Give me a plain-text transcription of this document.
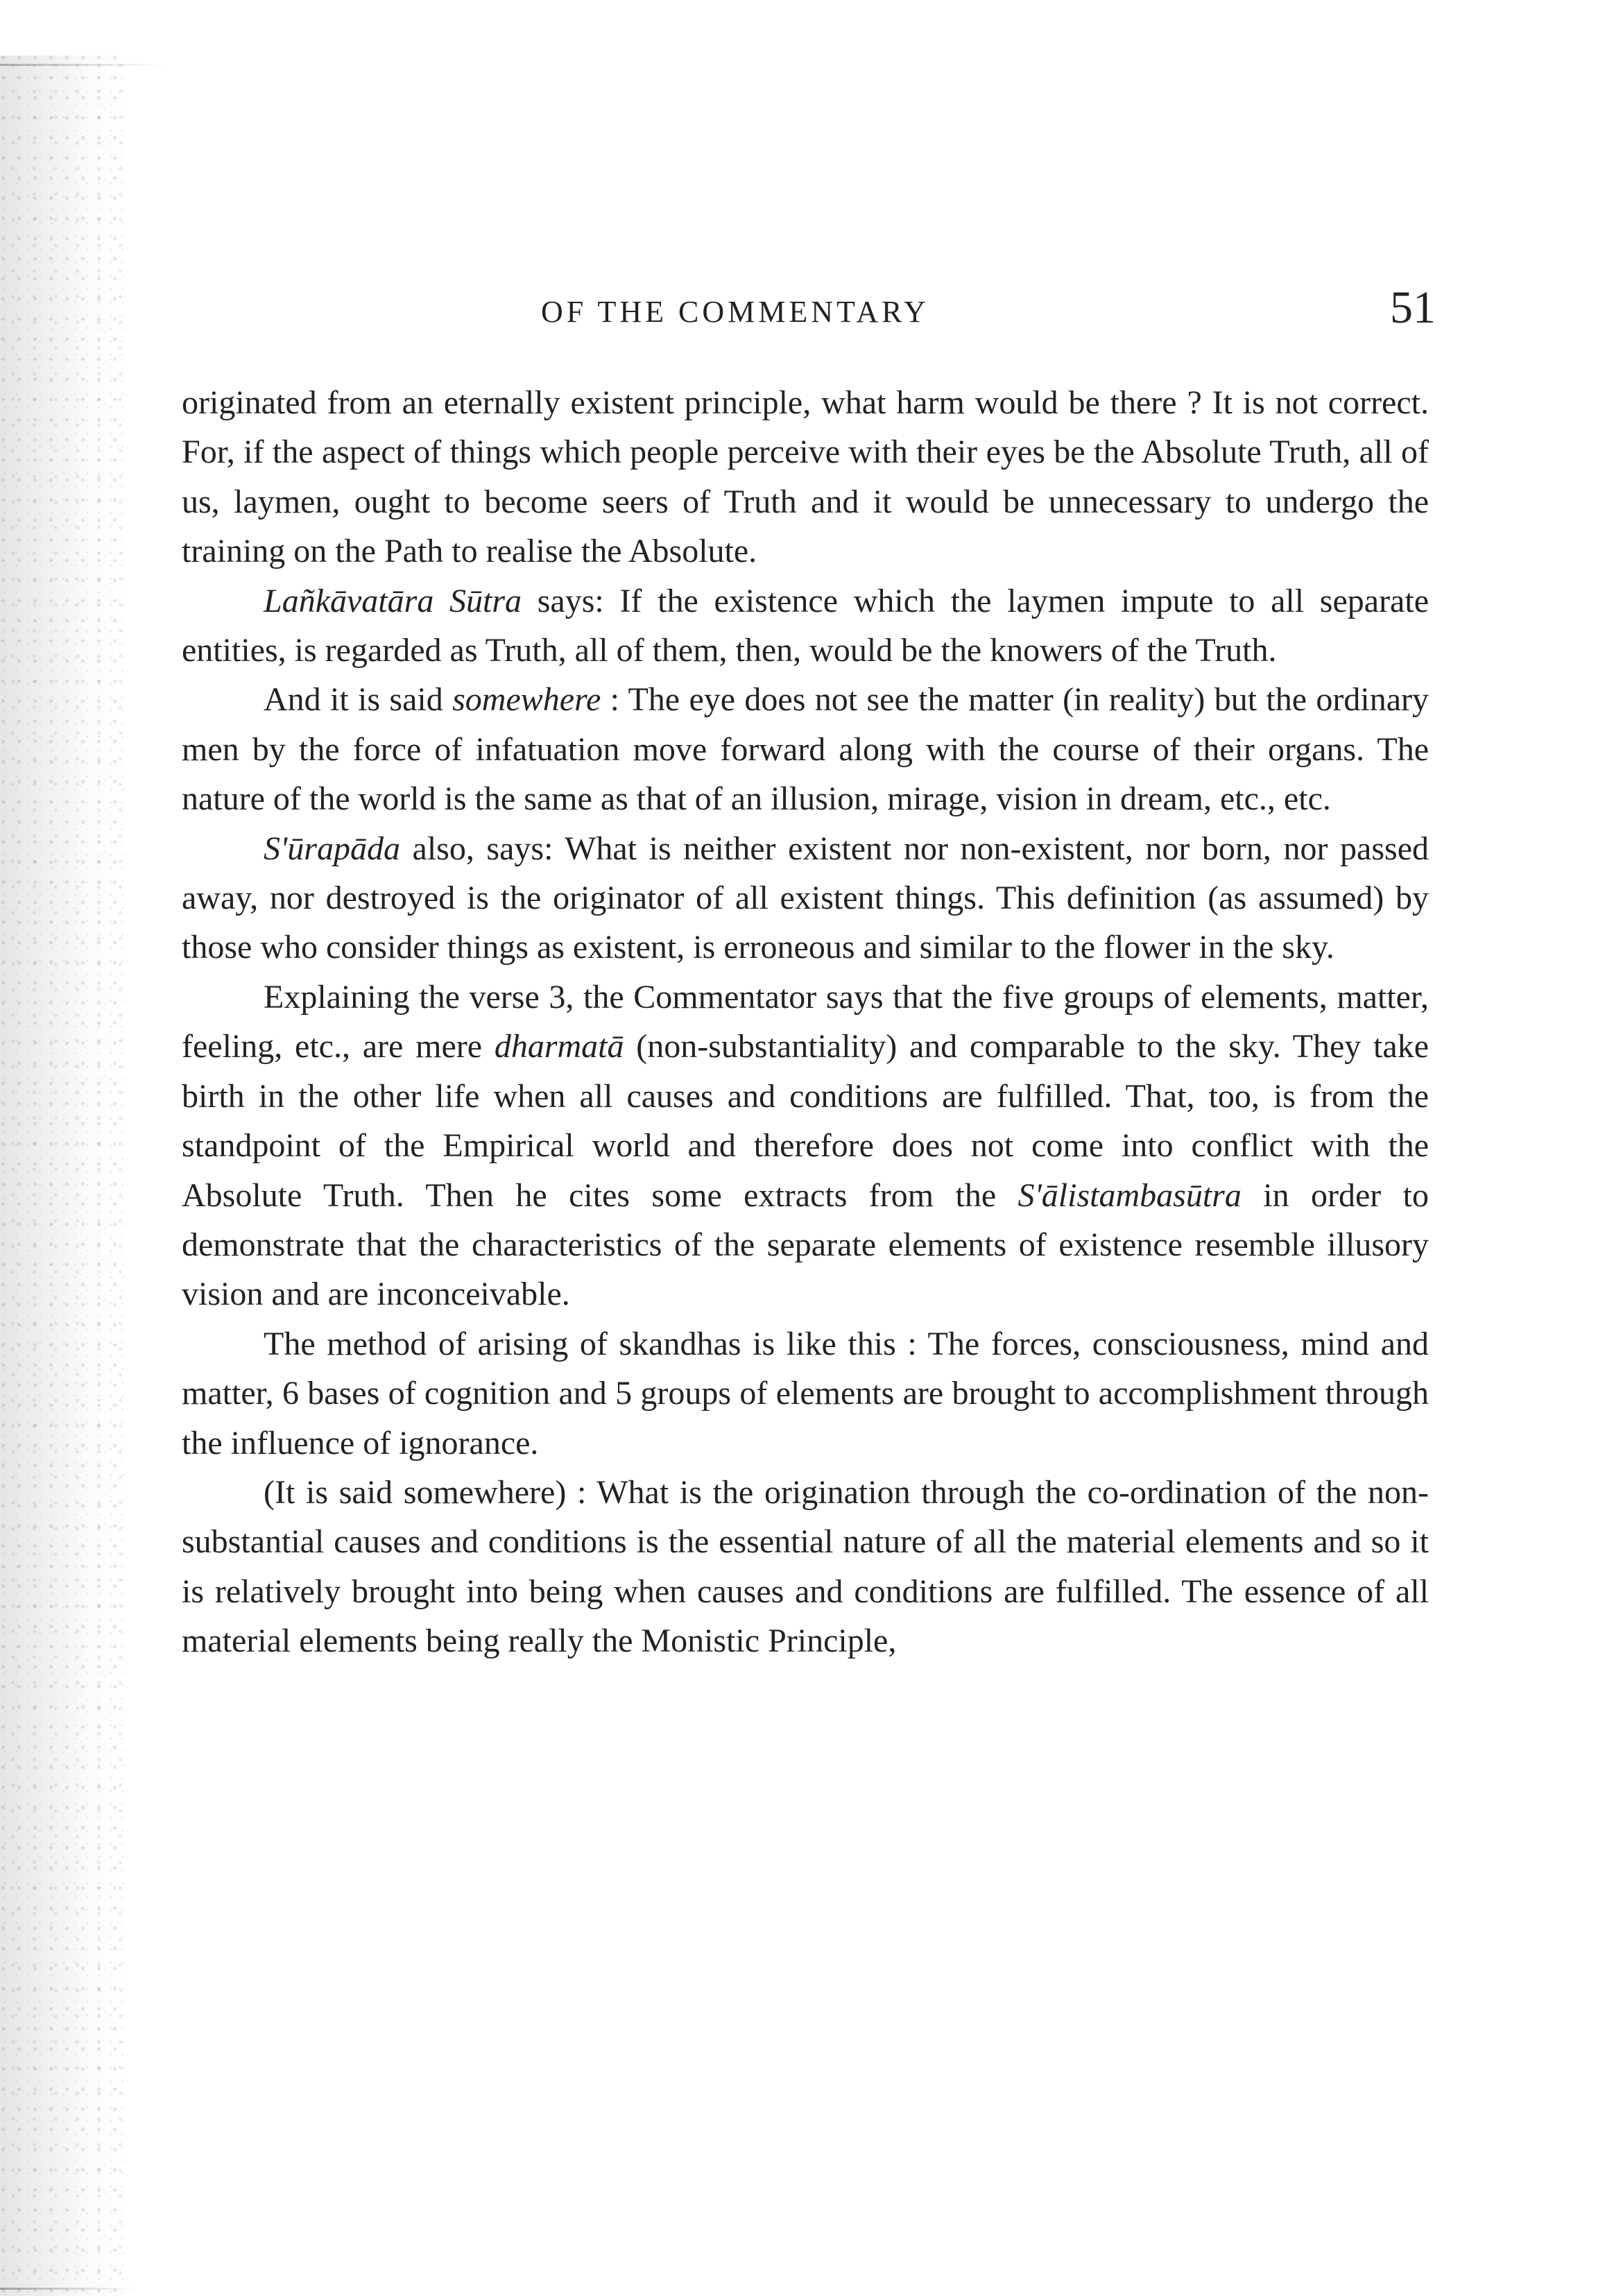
OF THE COMMENTARY	51

originated from an eternally existent principle, what harm would be there ? It is not correct. For, if the aspect of things which people perceive with their eyes be the Absolute Truth, all of us, laymen, ought to become seers of Truth and it would be unnecessary to undergo the training on the Path to realise the Absolute.

Lañkāvatāra Sūtra says: If the existence which the laymen impute to all separate entities, is regarded as Truth, all of them, then, would be the knowers of the Truth.

And it is said somewhere : The eye does not see the matter (in reality) but the ordinary men by the force of infatuation move forward along with the course of their organs. The nature of the world is the same as that of an illusion, mirage, vision in dream, etc., etc.

S'ūrapāda also, says: What is neither existent nor non-existent, nor born, nor passed away, nor destroyed is the originator of all existent things. This definition (as assumed) by those who consider things as existent, is erroneous and similar to the flower in the sky.

Explaining the verse 3, the Commentator says that the five groups of elements, matter, feeling, etc., are mere dharmatā (non-substantiality) and comparable to the sky. They take birth in the other life when all causes and conditions are fulfilled. That, too, is from the standpoint of the Empirical world and therefore does not come into conflict with the Absolute Truth. Then he cites some extracts from the S'ālistambasūtra in order to demonstrate that the characteristics of the separate elements of existence resemble illusory vision and are inconceivable.

The method of arising of skandhas is like this : The forces, consciousness, mind and matter, 6 bases of cognition and 5 groups of elements are brought to accomplishment through the influence of ignorance.

(It is said somewhere) : What is the origination through the co-ordination of the non-substantial causes and conditions is the essential nature of all the material elements and so it is relatively brought into being when causes and conditions are fulfilled. The essence of all material elements being really the Monistic Principle,
